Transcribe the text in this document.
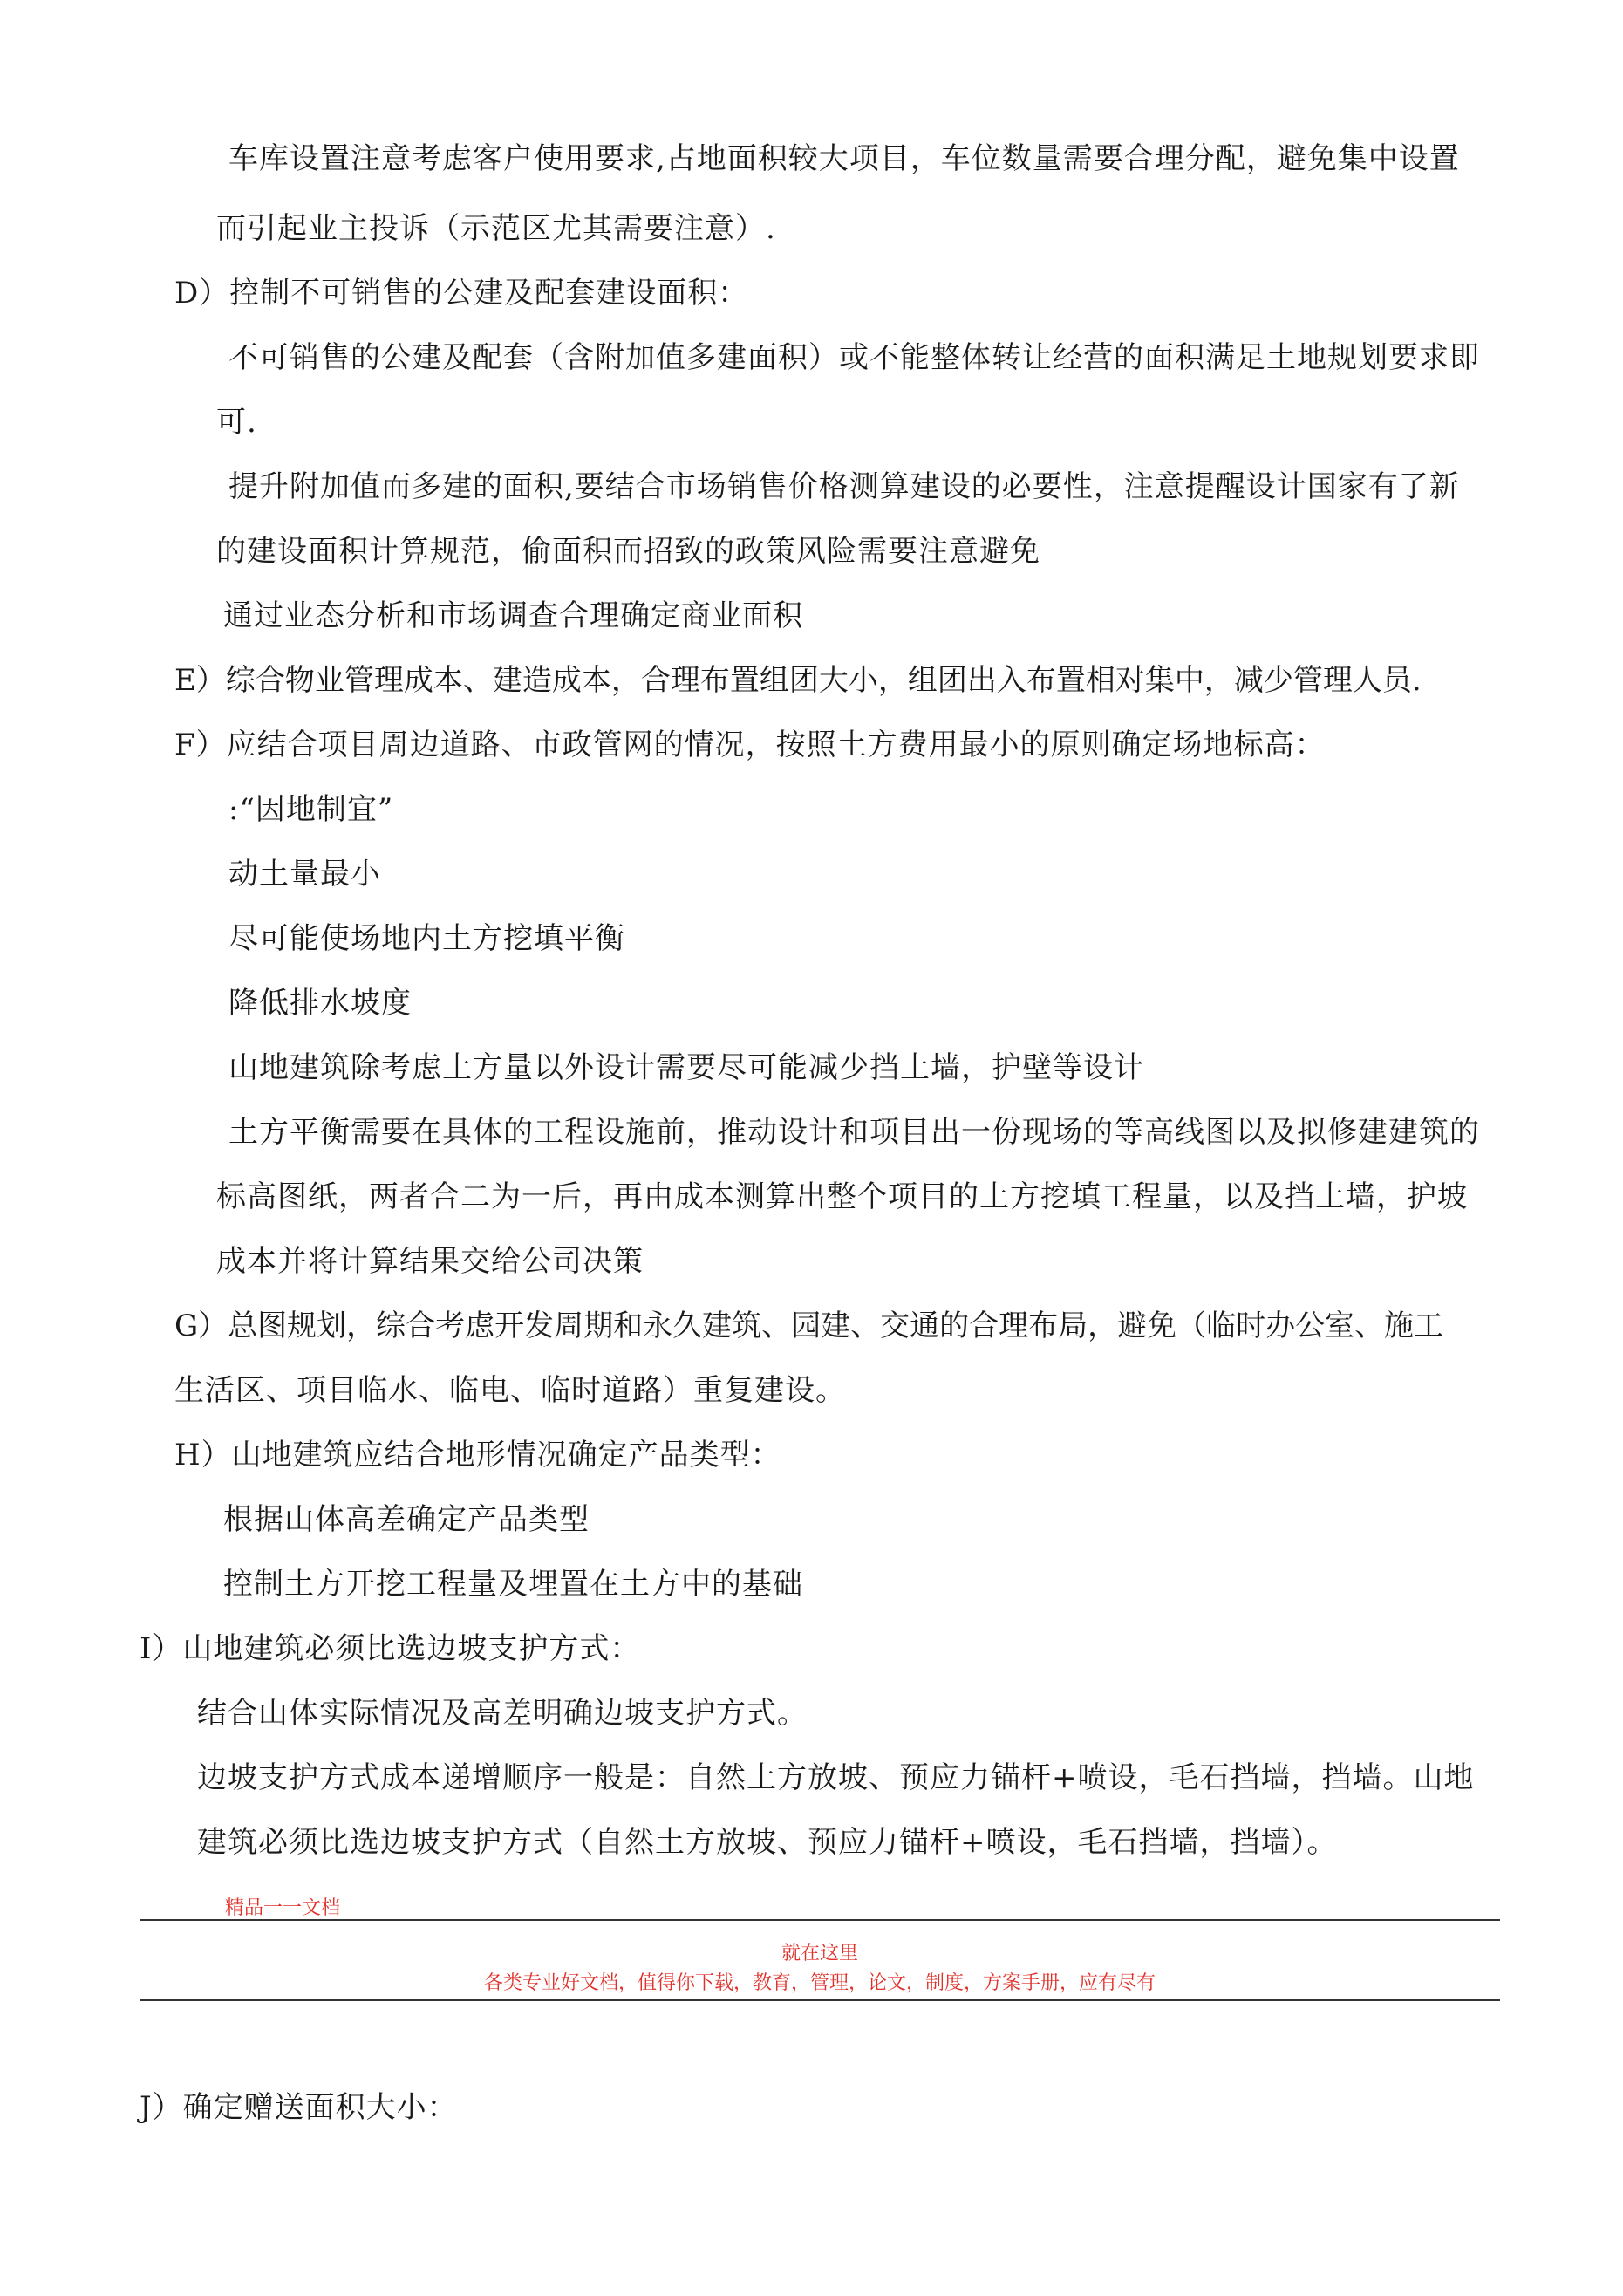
车库设置注意考虑客户使用要求,占地面积较大项目，车位数量需要合理分配，避免集中设置
而引起业主投诉（示范区尤其需要注意）.
D）控制不可销售的公建及配套建设面积：
不可销售的公建及配套（含附加值多建面积）或不能整体转让经营的面积满足土地规划要求即
可.
提升附加值而多建的面积,要结合市场销售价格测算建设的必要性，注意提醒设计国家有了新
的建设面积计算规范，偷面积而招致的政策风险需要注意避免
通过业态分析和市场调查合理确定商业面积
E）综合物业管理成本、建造成本，合理布置组团大小，组团出入布置相对集中，减少管理人员.
F）应结合项目周边道路、市政管网的情况，按照土方费用最小的原则确定场地标高：
:“因地制宜”
动土量最小
尽可能使场地内土方挖填平衡
降低排水坡度
山地建筑除考虑土方量以外设计需要尽可能减少挡土墙，护壁等设计
土方平衡需要在具体的工程设施前，推动设计和项目出一份现场的等高线图以及拟修建建筑的
标高图纸，两者合二为一后，再由成本测算出整个项目的土方挖填工程量，以及挡土墙，护坡
成本并将计算结果交给公司决策
G）总图规划，综合考虑开发周期和永久建筑、园建、交通的合理布局，避免（临时办公室、施工
生活区、项目临水、临电、临时道路）重复建设。
H）山地建筑应结合地形情况确定产品类型：
根据山体高差确定产品类型
控制土方开挖工程量及埋置在土方中的基础
I）山地建筑必须比选边坡支护方式：
结合山体实际情况及高差明确边坡支护方式。
边坡支护方式成本递增顺序一般是：自然土方放坡、预应力锚杆+喷设，毛石挡墙，挡墙。山地
建筑必须比选边坡支护方式（自然土方放坡、预应力锚杆+喷设，毛石挡墙，挡墙）。
精品一一文档
就在这里
各类专业好文档，值得你下载，教育，管理，论文，制度，方案手册，应有尽有
J）确定赠送面积大小：
